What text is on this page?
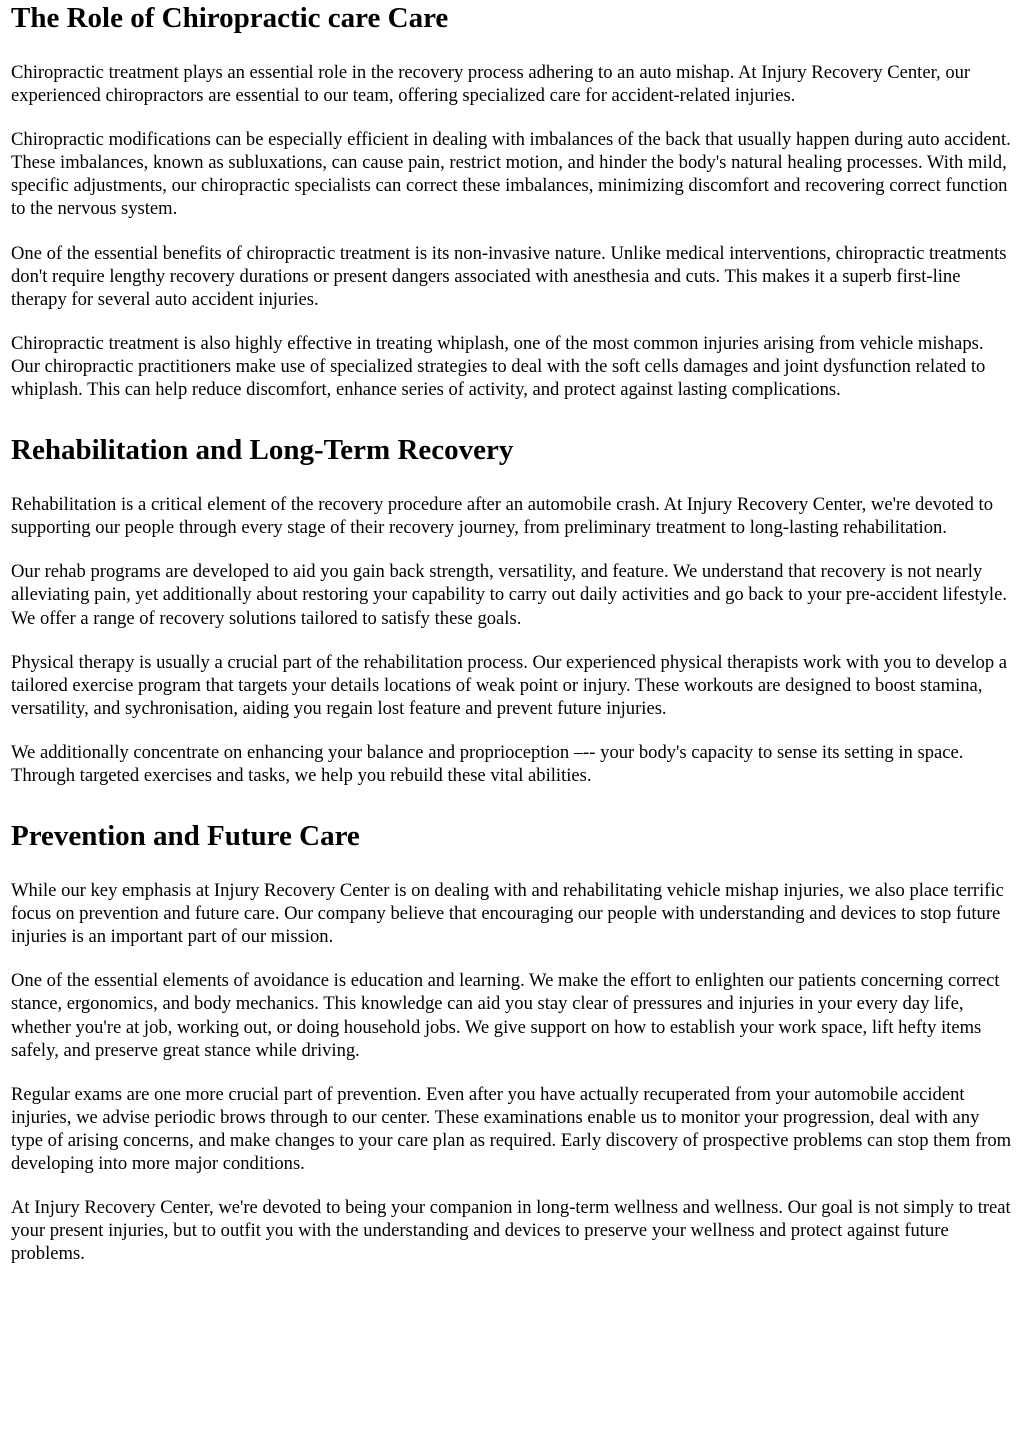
The Role of Chiropractic care Care

Chiropractic treatment plays an essential role in the recovery process adhering to an auto mishap. At Injury Recovery Center, our experienced chiropractors are essential to our team, offering specialized care for accident-related injuries.

Chiropractic modifications can be especially efficient in dealing with imbalances of the back that usually happen during auto accident. These imbalances, known as subluxations, can cause pain, restrict motion, and hinder the body's natural healing processes. With mild, specific adjustments, our chiropractic specialists can correct these imbalances, minimizing discomfort and recovering correct function to the nervous system.

One of the essential benefits of chiropractic treatment is its non-invasive nature. Unlike medical interventions, chiropractic treatments don't require lengthy recovery durations or present dangers associated with anesthesia and cuts. This makes it a superb first-line therapy for several auto accident injuries.

Chiropractic treatment is also highly effective in treating whiplash, one of the most common injuries arising from vehicle mishaps. Our chiropractic practitioners make use of specialized strategies to deal with the soft cells damages and joint dysfunction related to whiplash. This can help reduce discomfort, enhance series of activity, and protect against lasting complications.

Rehabilitation and Long-Term Recovery

Rehabilitation is a critical element of the recovery procedure after an automobile crash. At Injury Recovery Center, we're devoted to supporting our people through every stage of their recovery journey, from preliminary treatment to long-lasting rehabilitation.

Our rehab programs are developed to aid you gain back strength, versatility, and feature. We understand that recovery is not nearly alleviating pain, yet additionally about restoring your capability to carry out daily activities and go back to your pre-accident lifestyle. We offer a range of recovery solutions tailored to satisfy these goals.

Physical therapy is usually a crucial part of the rehabilitation process. Our experienced physical therapists work with you to develop a tailored exercise program that targets your details locations of weak point or injury. These workouts are designed to boost stamina, versatility, and sychronisation, aiding you regain lost feature and prevent future injuries.

We additionally concentrate on enhancing your balance and proprioception –-- your body's capacity to sense its setting in space. Through targeted exercises and tasks, we help you rebuild these vital abilities.

Prevention and Future Care

While our key emphasis at Injury Recovery Center is on dealing with and rehabilitating vehicle mishap injuries, we also place terrific focus on prevention and future care. Our company believe that encouraging our people with understanding and devices to stop future injuries is an important part of our mission.

One of the essential elements of avoidance is education and learning. We make the effort to enlighten our patients concerning correct stance, ergonomics, and body mechanics. This knowledge can aid you stay clear of pressures and injuries in your every day life, whether you're at job, working out, or doing household jobs. We give support on how to establish your work space, lift hefty items safely, and preserve great stance while driving.

Regular exams are one more crucial part of prevention. Even after you have actually recuperated from your automobile accident injuries, we advise periodic brows through to our center. These examinations enable us to monitor your progression, deal with any type of arising concerns, and make changes to your care plan as required. Early discovery of prospective problems can stop them from developing into more major conditions.

At Injury Recovery Center, we're devoted to being your companion in long-term wellness and wellness. Our goal is not simply to treat your present injuries, but to outfit you with the understanding and devices to preserve your wellness and protect against future problems.
